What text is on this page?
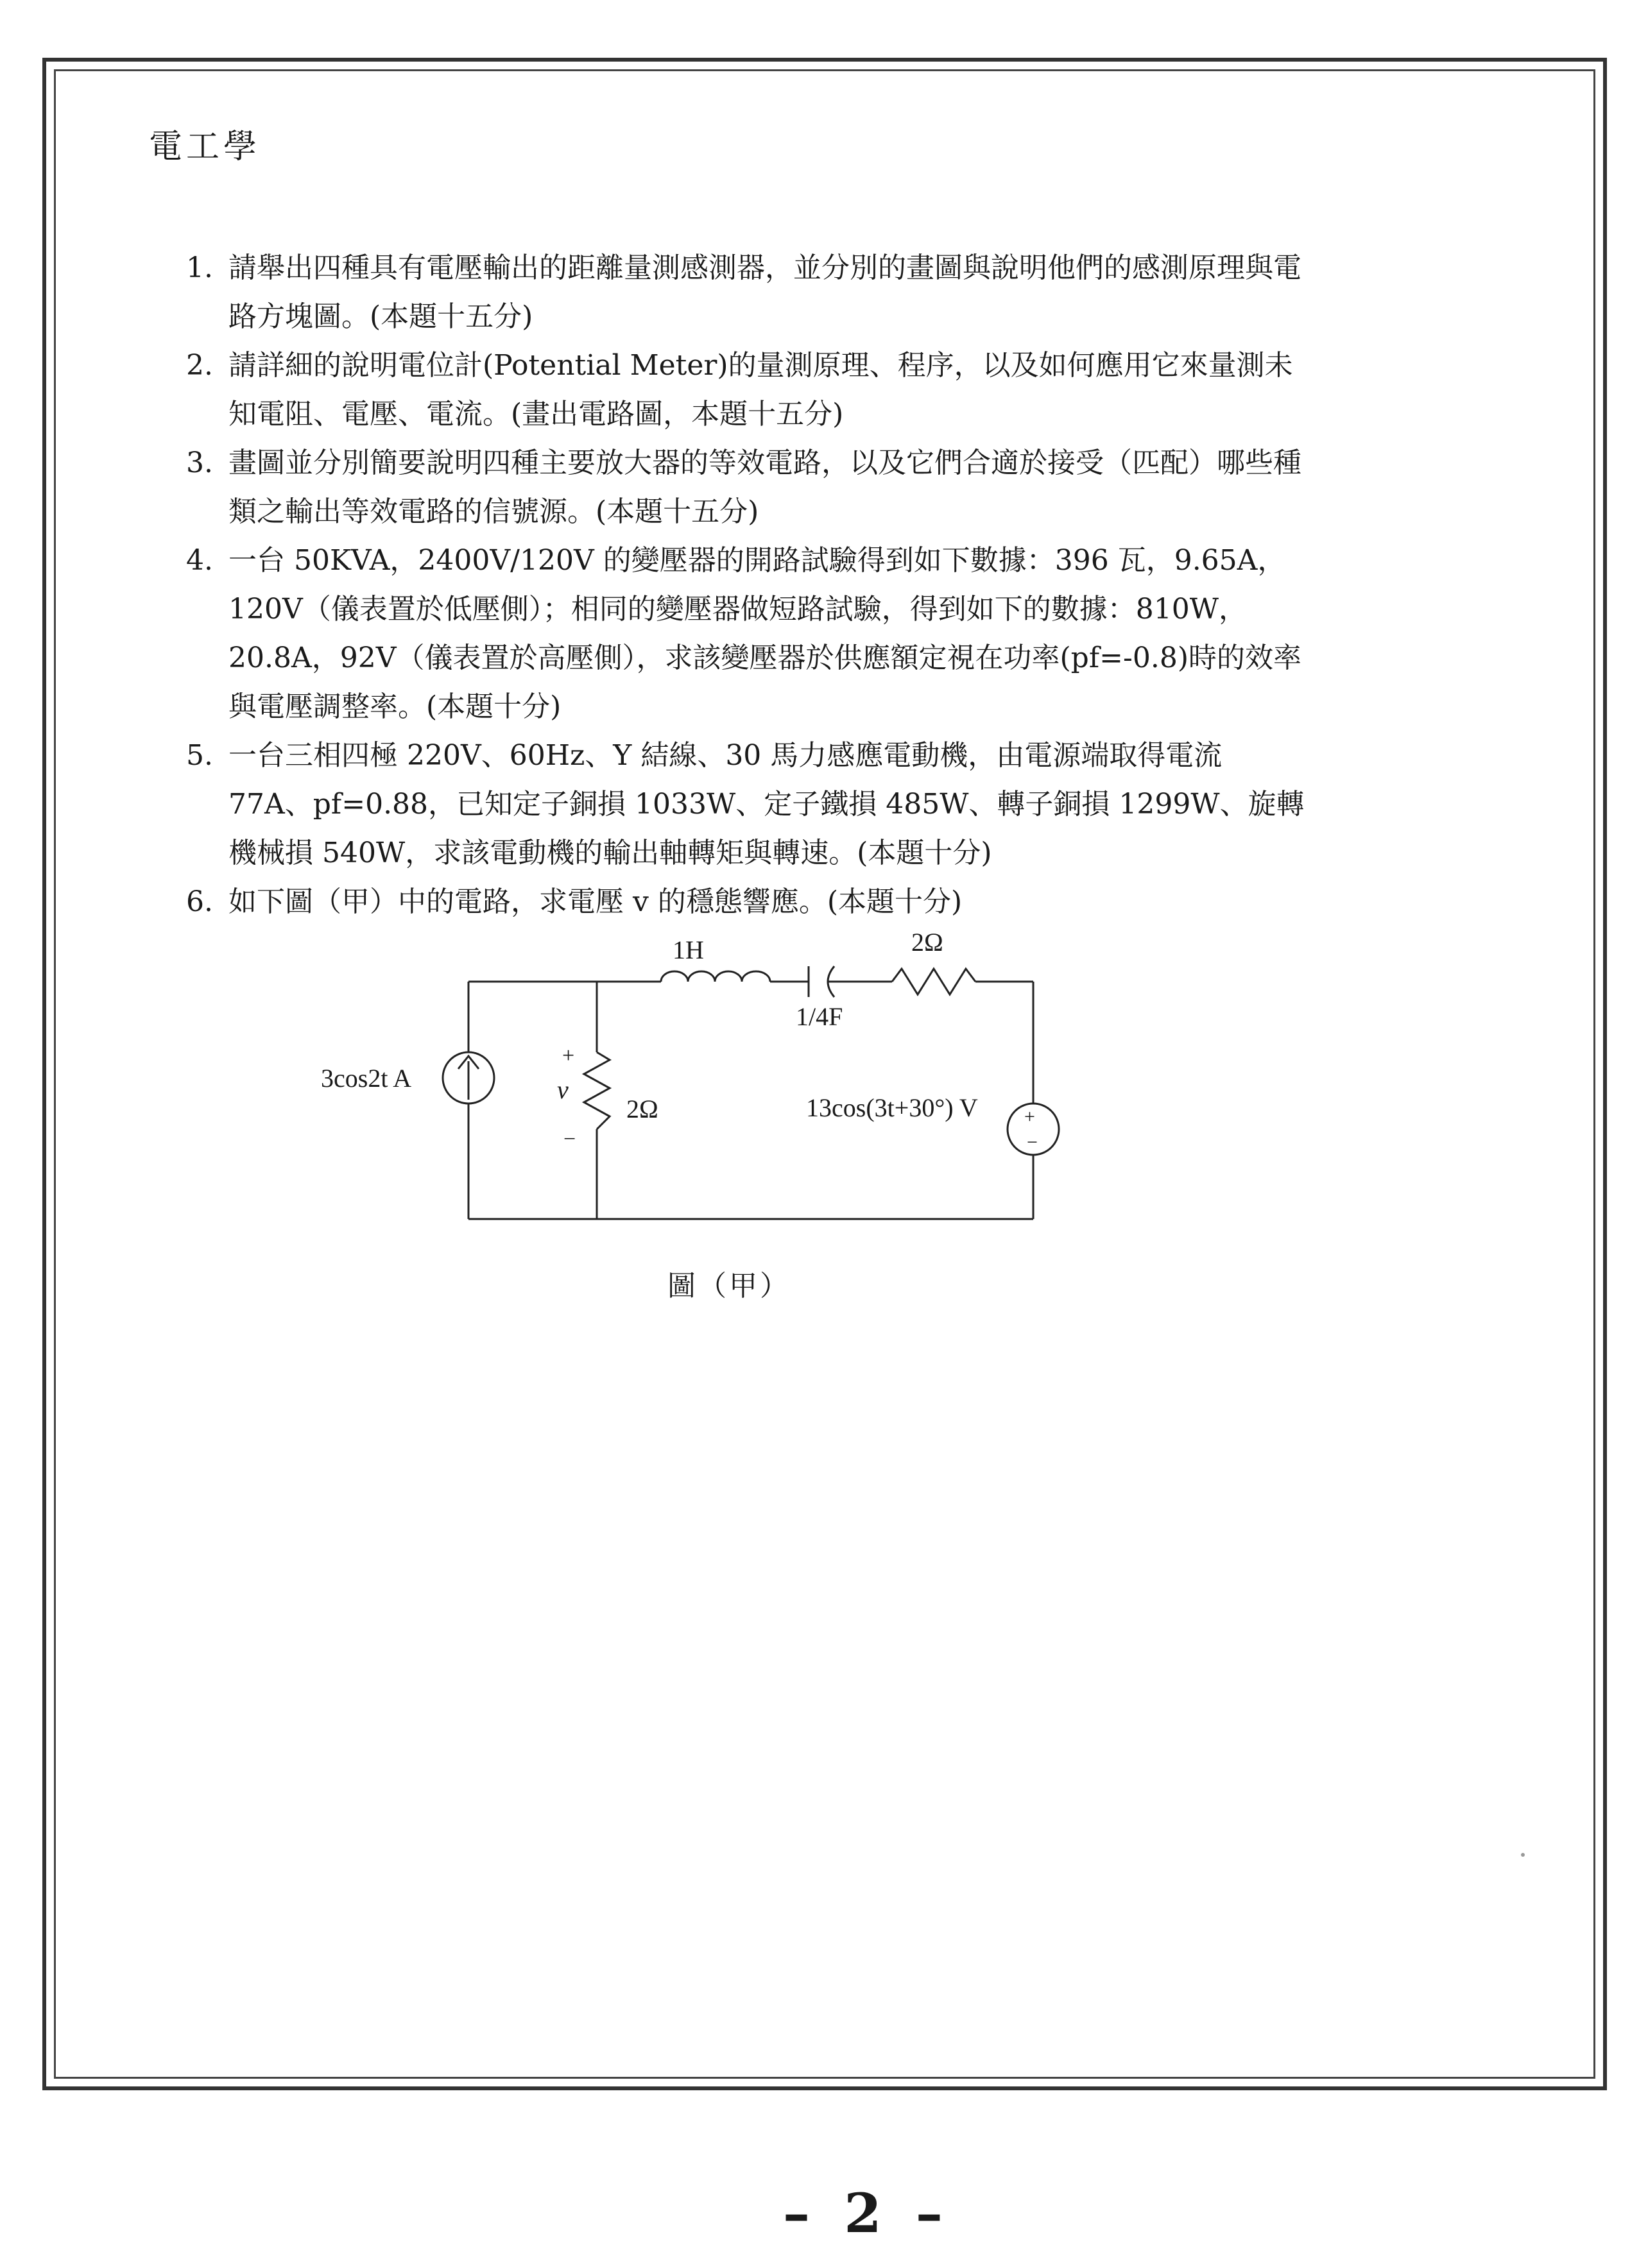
電工學
1. 請舉出四種具有電壓輸出的距離量測感測器，並分別的畫圖與說明他們的感測原理與電路方塊圖。(本題十五分)
2. 請詳細的說明電位計(Potential Meter)的量測原理、程序，以及如何應用它來量測未知電阻、電壓、電流。(畫出電路圖，本題十五分)
3. 畫圖並分別簡要說明四種主要放大器的等效電路，以及它們合適於接受（匹配）哪些種類之輸出等效電路的信號源。(本題十五分)
4. 一台 50KVA，2400V/120V 的變壓器的開路試驗得到如下數據：396 瓦，9.65A，120V（儀表置於低壓側）；相同的變壓器做短路試驗，得到如下的數據：810W，20.8A，92V（儀表置於高壓側），求該變壓器於供應額定視在功率(pf=-0.8)時的效率與電壓調整率。(本題十分)
5. 一台三相四極 220V、60Hz、Y 結線、30 馬力感應電動機，由電源端取得電流 77A、pf=0.88，已知定子銅損 1033W、定子鐵損 485W、轉子銅損 1299W、旋轉機械損 540W，求該電動機的輸出軸轉矩與轉速。(本題十分)
6. 如下圖（甲）中的電路，求電壓 v 的穩態響應。(本題十分)
1H
1/4F
2Ω
3cos2t A	v
+
−
2Ω	13cos(3t+30°) V +
−
圖（甲）
– 2 –
